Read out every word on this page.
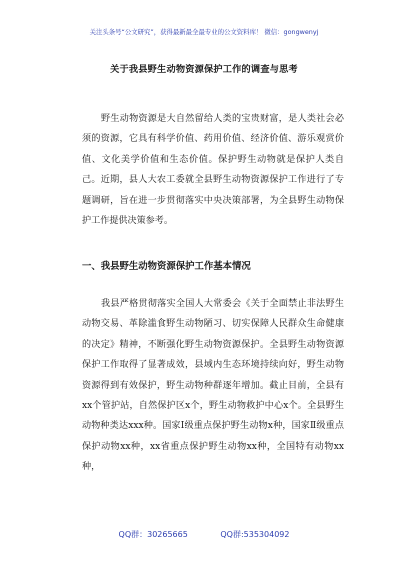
关注头条号“公文研究”，获得最新最全最专业的公文资料库！ 微信：gongwenyj
关于我县野生动物资源保护工作的调查与思考

野生动物资源是大自然留给人类的宝贵财富，是人类社会必须的资源，它具有科学价值、药用价值、经济价值、游乐观赏价值、文化美学价值和生态价值。保护野生动物就是保护人类自己。近期，县人大农工委就全县野生动物资源保护工作进行了专题调研，旨在进一步贯彻落实中央决策部署，为全县野生动物保护工作提供决策参考。

一、我县野生动物资源保护工作基本情况

我县严格贯彻落实全国人大常委会《关于全面禁止非法野生动物交易、革除滥食野生动物陋习、切实保障人民群众生命健康的决定》精神，不断强化野生动物资源保护。全县野生动物资源保护工作取得了显著成效，县域内生态环境持续向好，野生动物资源得到有效保护，野生动物种群逐年增加。截止目前，全县有xx个管护站，自然保护区x个，野生动物救护中心x个。全县野生动物种类达xxx种。国家Ⅰ级重点保护野生动物x种，国家Ⅱ级重点保护动物xx种，xx省重点保护野生动物xx种，全国特有动物xx种，

QQ群：30265665	QQ群:535304092
